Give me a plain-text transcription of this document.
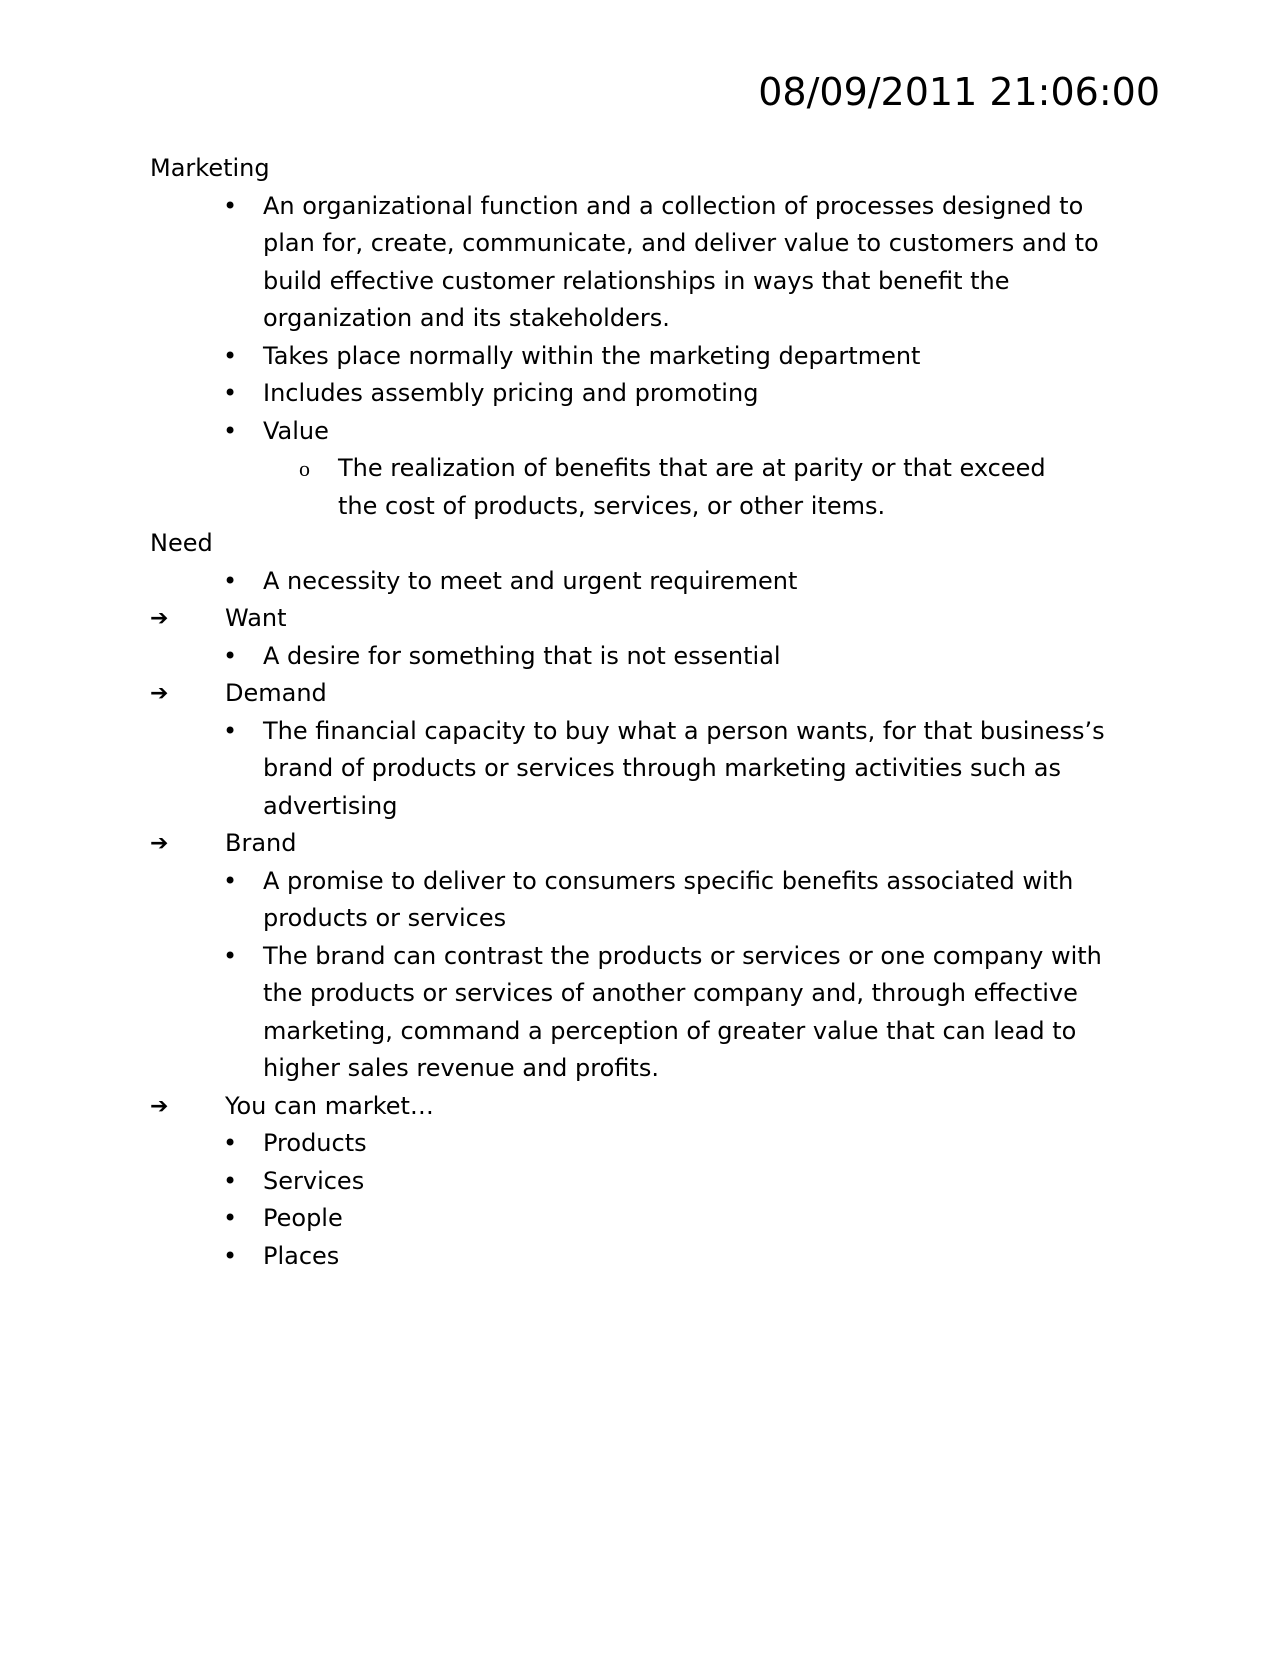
08/09/2011 21:06:00

Marketing

• An organizational function and a collection of processes designed to plan for, create, communicate, and deliver value to customers and to build effective customer relationships in ways that benefit the organization and its stakeholders.
• Takes place normally within the marketing department
• Includes assembly pricing and promoting
• Value
o The realization of benefits that are at parity or that exceed the cost of products, services, or other items.

Need

• A necessity to meet and urgent requirement

➔ Want

• A desire for something that is not essential

➔ Demand

• The financial capacity to buy what a person wants, for that business’s brand of products or services through marketing activities such as advertising

➔ Brand

• A promise to deliver to consumers specific benefits associated with products or services
• The brand can contrast the products or services or one company with the products or services of another company and, through effective marketing, command a perception of greater value that can lead to higher sales revenue and profits.

➔ You can market…

• Products
• Services
• People
• Places
